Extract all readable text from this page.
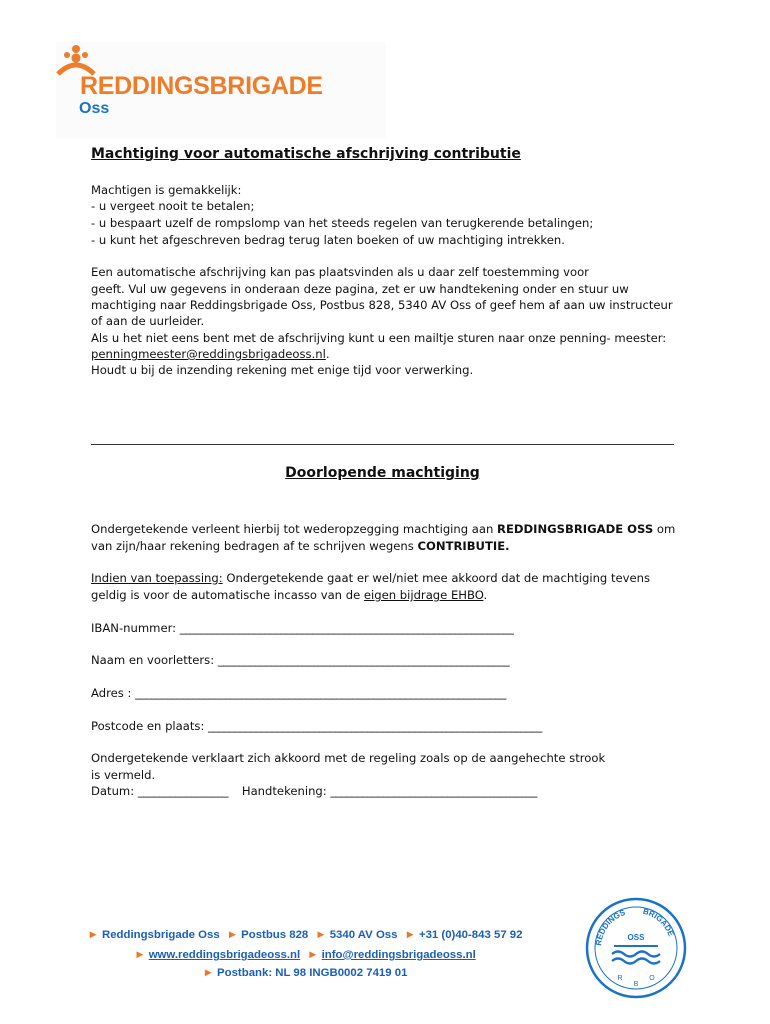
REDDINGSBRIGADE
Oss
Machtiging voor automatische afschrijving contributie
Machtigen is gemakkelijk:
- u vergeet nooit te betalen;
- u bespaart uzelf de rompslomp van het steeds regelen van terugkerende betalingen;
- u kunt het afgeschreven bedrag terug laten boeken of uw machtiging intrekken.
Een automatische afschrijving kan pas plaatsvinden als u daar zelf toestemming voor
geeft. Vul uw gegevens in onderaan deze pagina, zet er uw handtekening onder en stuur uw
machtiging naar Reddingsbrigade Oss, Postbus 828, 5340 AV Oss of geef hem af aan uw instructeur
of aan de uurleider.
Als u het niet eens bent met de afschrijving kunt u een mailtje sturen naar onze penning- meester:
penningmeester@reddingsbrigadeoss.nl.
Houdt u bij de inzending rekening met enige tijd voor verwerking.
Doorlopende machtiging
Ondergetekende verleent hierbij tot wederopzegging machtiging aan REDDINGSBRIGADE OSS om
van zijn/haar rekening bedragen af te schrijven wegens CONTRIBUTIE.
Indien van toepassing: Ondergetekende gaat er wel/niet mee akkoord dat de machtiging tevens
geldig is voor de automatische incasso van de eigen bijdrage EHBO.
IBAN-nummer: _______________________________________________________________
Naam en voorletters: _______________________________________________________
Adres : ______________________________________________________________________
Postcode en plaats: _______________________________________________________________
Ondergetekende verklaart zich akkoord met de regeling zoals op de aangehechte strook
is vermeld.
Datum: _________________ Handtekening: _______________________________________
► Reddingsbrigade Oss ► Postbus 828 ► 5340 AV Oss ► +31 (0)40-843 57 92
► www.reddingsbrigadeoss.nl ► info@reddingsbrigadeoss.nl
► Postbank: NL 98 INGB0002 7419 01
REDDINGS BRIGADE
OSS
R
B
O
